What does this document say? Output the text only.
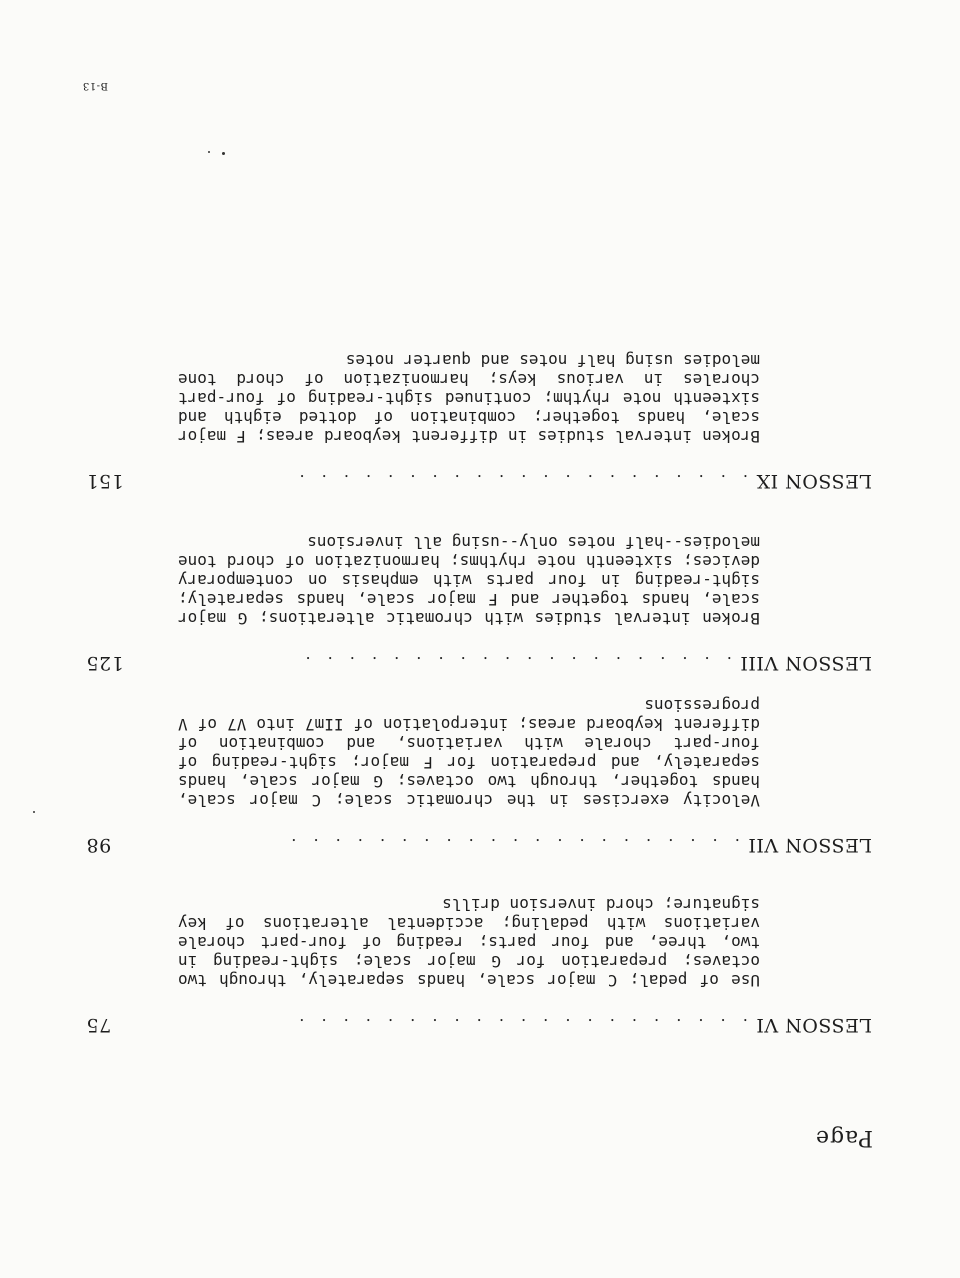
Page
LESSON VI
. . . . . . . . . . . . . . . . . . . . .
75
Use of pedal; C major scale, hands separately, through two octaves; preparation for G major scale; sight-reading in two, three, and four parts; reading of four-part chorale variations with pedaling; accidental alterations of key signature; chord inversion drills
LESSON VII
. . . . . . . . . . . . . . . . . . . . .
98
Velocity exercises in the chromatic scale; C major scale, hands together, through two octaves; G major scale, hands separately, and preparation for F major; sight-reading of four-part chorale with variations, and combination of different keyboard areas; interpolation of IIm7 into V7 of V progressions
LESSON VIII
. . . . . . . . . . . . . . . . . . . .
125
Broken interval studies with chromatic alterations; G major scale, hands together and F major scale, hands separately; sight-reading in four parts with emphasis on contemporary devices; sixteenth note rhythms; harmonization of chord tone melodies--half notes only--using all inversions
LESSON IX
. . . . . . . . . . . . . . . . . . . . .
151
Broken interval studies in different keyboard areas; F major scale, hands together; combination of dotted eighth and sixteenth note rhythm; continued sight-reading of four-part chorales in various keys; harmonization of chord tone melodies using half notes and quarter notes
B-13
